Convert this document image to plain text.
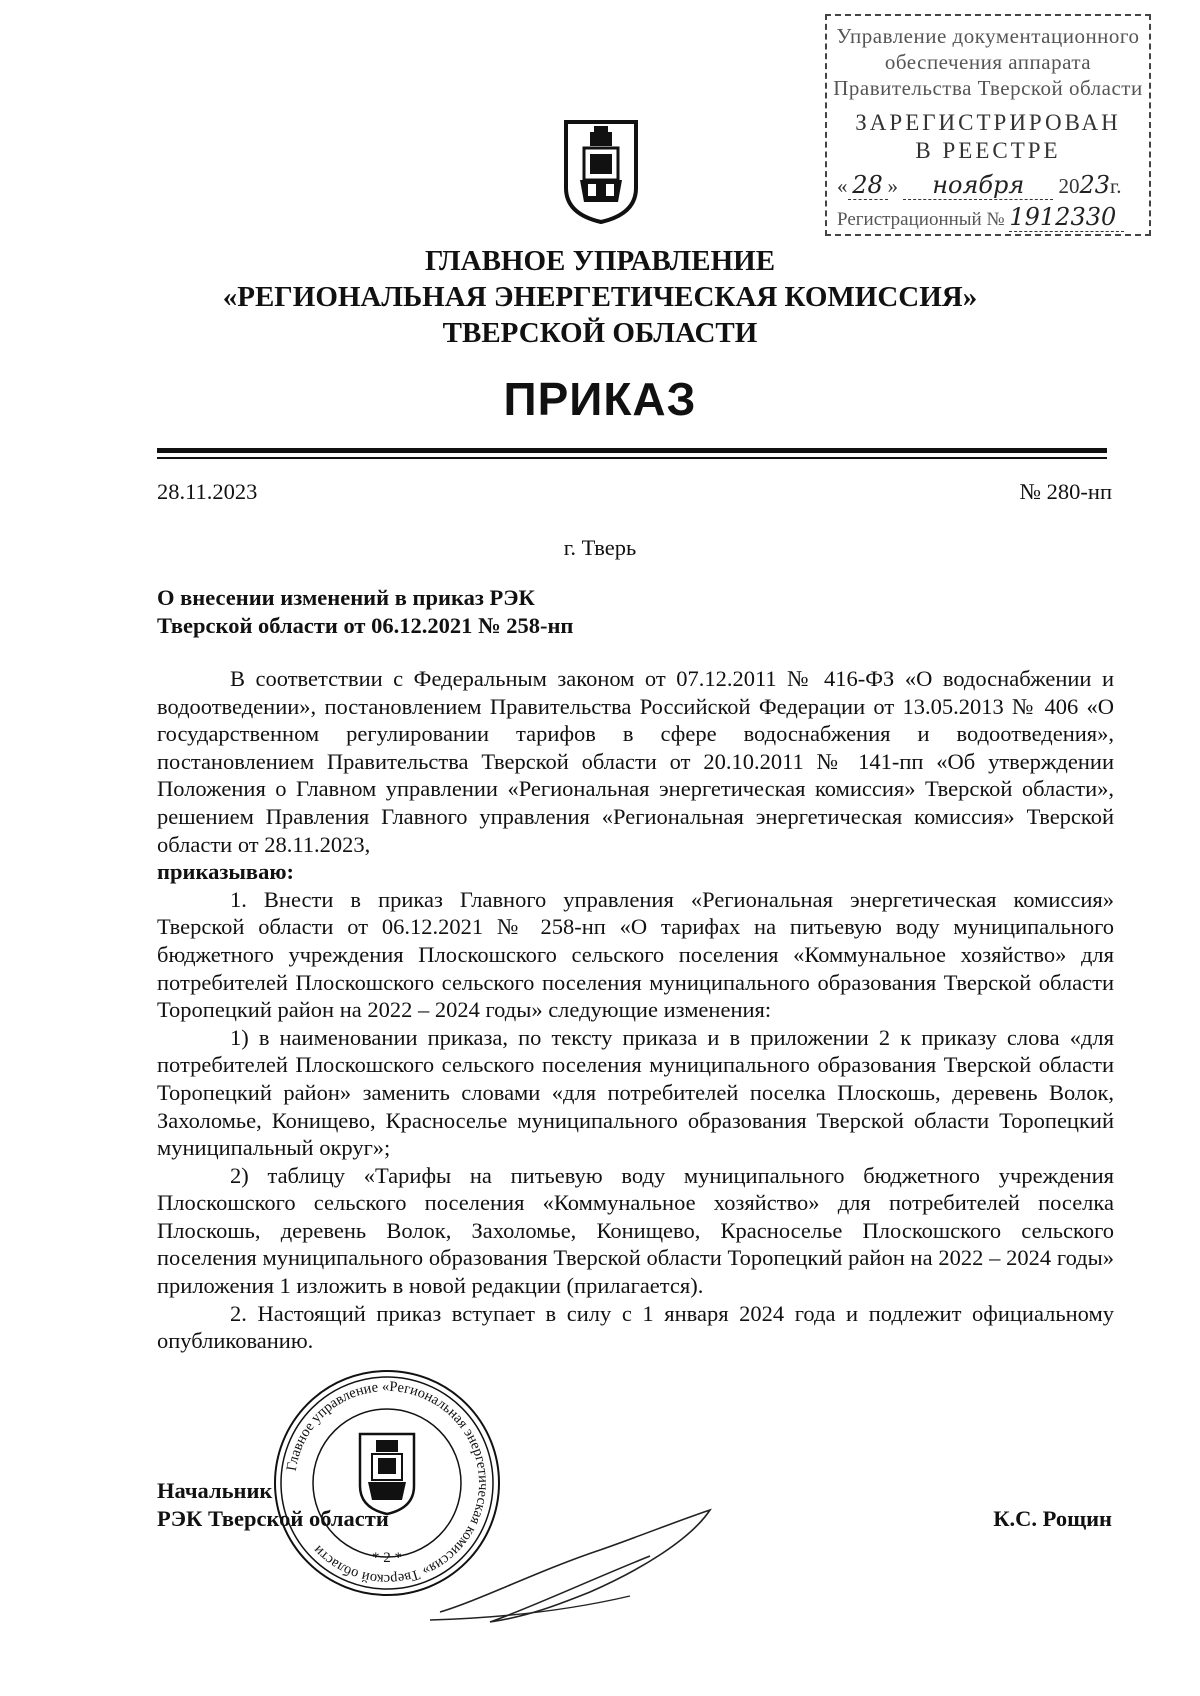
Управление документационного
обеспечения аппарата
Правительства Тверской области
ЗАРЕГИСТРИРОВАН
В РЕЕСТРЕ
« 28 » ноября 2023г.
Регистрационный № 1912330
ГЛАВНОЕ УПРАВЛЕНИЕ
«РЕГИОНАЛЬНАЯ ЭНЕРГЕТИЧЕСКАЯ КОМИССИЯ»
ТВЕРСКОЙ ОБЛАСТИ
ПРИКАЗ
28.11.2023	№ 280-нп
г. Тверь
О внесении изменений в приказ РЭК
Тверской области от 06.12.2021 № 258-нп

В соответствии с Федеральным законом от 07.12.2011 № 416-ФЗ «О водоснабжении и водоотведении», постановлением Правительства Российской Федерации от 13.05.2013 № 406 «О государственном регулировании тарифов в сфере водоснабжения и водоотведения», постановлением Правительства Тверской области от 20.10.2011 № 141-пп «Об утверждении Положения о Главном управлении «Региональная энергетическая комиссия» Тверской области», решением Правления Главного управления «Региональная энергетическая комиссия» Тверской области от 28.11.2023,

приказываю:

1. Внести в приказ Главного управления «Региональная энергетическая комиссия» Тверской области от 06.12.2021 № 258-нп «О тарифах на питьевую воду муниципального бюджетного учреждения Плоскошского сельского поселения «Коммунальное хозяйство» для потребителей Плоскошского сельского поселения муниципального образования Тверской области Торопецкий район на 2022 – 2024 годы» следующие изменения:

1) в наименовании приказа, по тексту приказа и в приложении 2 к приказу слова «для потребителей Плоскошского сельского поселения муниципального образования Тверской области Торопецкий район» заменить словами «для потребителей поселка Плоскошь, деревень Волок, Захоломье, Конищево, Красноселье муниципального образования Тверской области Торопецкий муниципальный округ»;

2) таблицу «Тарифы на питьевую воду муниципального бюджетного учреждения Плоскошского сельского поселения «Коммунальное хозяйство» для потребителей поселка Плоскошь, деревень Волок, Захоломье, Конищево, Красноселье Плоскошского сельского поселения муниципального образования Тверской области Торопецкий район на 2022 – 2024 годы» приложения 1 изложить в новой редакции (прилагается).

2. Настоящий приказ вступает в силу с 1 января 2024 года и подлежит официальному опубликованию.

Начальник
РЭК Тверской области	К.С. Рощин
Главное управление «Региональная энергетическая комиссия» Тверской области	* 2 *
